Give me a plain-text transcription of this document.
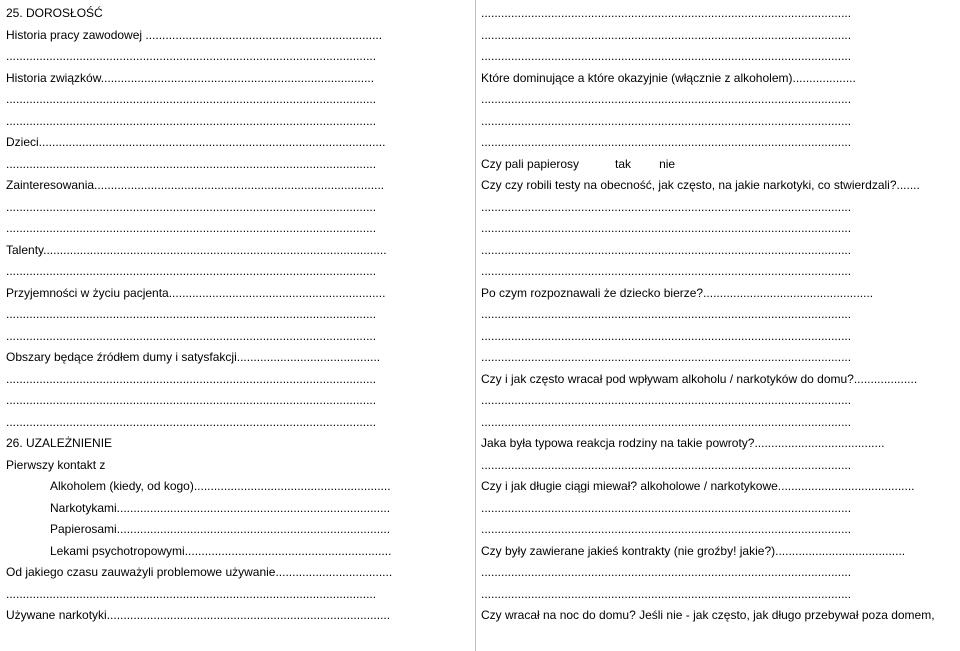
25. DOROSŁOŚĆ
Historia pracy zawodowej .......................................................................
...............................................................................................................
Historia związków..................................................................................
...............................................................................................................
...............................................................................................................
Dzieci........................................................................................................
...............................................................................................................
Zainteresowania.......................................................................................
...............................................................................................................
...............................................................................................................
Talenty.......................................................................................................
...............................................................................................................
Przyjemności w życiu pacjenta.................................................................
...............................................................................................................
...............................................................................................................
Obszary będące źródłem dumy i satysfakcji...........................................
...............................................................................................................
...............................................................................................................
...............................................................................................................
26. UZALEŻNIENIE
Pierwszy kontakt z
Alkoholem (kiedy, od kogo)...........................................................
Narkotykami..................................................................................
Papierosami..................................................................................
Lekami psychotropowymi..............................................................
Od jakiego czasu zauważyli problemowe używanie...................................
...............................................................................................................
Używane narkotyki.....................................................................................
...............................................................................................................
...............................................................................................................
...............................................................................................................
Które dominujące a które okazyjnie (włącznie z alkoholem)...................
...............................................................................................................
...............................................................................................................
...............................................................................................................
Czy pali papierosy	tak nie
Czy czy robili testy na obecność, jak często, na jakie narkotyki, co stwierdzali?.......
...............................................................................................................
...............................................................................................................
...............................................................................................................
...............................................................................................................
Po czym rozpoznawali że dziecko bierze?...................................................
...............................................................................................................
...............................................................................................................
...............................................................................................................
Czy i jak często wracał pod wpływam alkoholu / narkotyków do domu?...................
...............................................................................................................
...............................................................................................................
Jaka była typowa reakcja rodziny na takie powroty?.......................................
...............................................................................................................
Czy i jak długie ciągi miewał? alkoholowe / narkotykowe.........................................
...............................................................................................................
...............................................................................................................
Czy były zawierane jakieś kontrakty (nie groźby! jakie?).......................................
...............................................................................................................
...............................................................................................................
Czy wracał na noc do domu? Jeśli nie - jak często, jak długo przebywał poza domem,
